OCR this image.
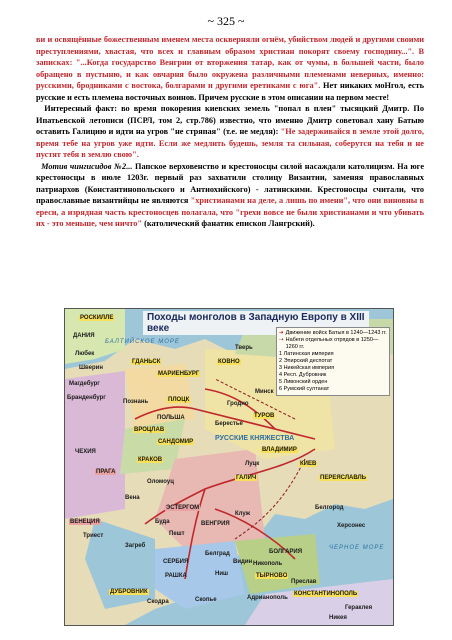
~ 325 ~

ви и освящённые божественным именем места оскверняли огнём, убийством людей и другими своими преступлениями, хвастая, что всех и главным образом христиан покорят своему господину...". В записках: "...Когда государство Венгрии от вторжения татар, как от чумы, в большей части, было обращено в пустыню, и как овчарня было окружена различными племенами неверных, именно: русскими, бродниками с востока, болгарами и другими еретиками с юга". Нет никаких моНгол, есть русские и есть племена восточных воинов. Причем русские в этом описании на первом месте!

Интересный факт: во время покорения киевских земель "попал в плен" тысяцкий Дмитр. По Ипатьевской летописи (ПСРЛ, том 2, стр.786) известно, что именно Дмитр советовал хану Батыю оставить Галицию и идти на угров "не стряпая" (т.е. не медля): "Не задерживайся в земле этой долго, время тебе на угров уже идти. Если же медлить будешь, земля та сильная, соберутся на тебя и не пустят тебя в землю свою".

Мотив чингисидов №2... Папское верховенство и крестоносцы силой насаждали католицизм. На юге крестоносцы в июле 1203г. первый раз захватили столицу Византии, заменяя православных патриархов (Константинопольского и Антиохийского) - латинскими. Крестоносцы считали, что православные византийцы не являются "христианами на деле, а лишь по имени", что они виновны в ереси, а изрядная часть крестоносцев полагала, что "грехи вовсе не были христианами и что убивать их - это меньше, чем ничто" (католический фанатик епископ Лангрский).

Походы монголов в Западную Европу в XIII веке	➜ Движение войск Батыя в 1240—1243 гг.
⇢ Набеги отдельных отрядов в 1250—1260 гг.
1 Латинская империя
2 Эпирский деспотат
3 Никейская империя
4 Респ. Дубровник
5 Ливонский орден
6 Румский султанат
РОСКИЛЛЕ
ДАНИЯ
Любек
Шверин
Магдебург
Бранденбург
ГДАНЬСК
МАРИЕНБУРГ
КОВНО
Тверь
БАЛТИЙСКОЕ МОРЕ
Познань	ПЛОЦК
ПОЛЬША
ВРОЦЛАВ
САНДОМИР
Минск
Гродно
ТУРОВ
Берестье
КРАКОВ
ПРАГА
ЧЕХИЯ	ВЛАДИМИР
Луцк	КИЕВ
ПЕРЕЯСЛАВЛЬ
РУССКИЕ КНЯЖЕСТВА
ГАЛИЧ
Оломоуц
Вена
ЭСТЕРГОМ
Буда
Пешт
ВЕНГРИЯ
ВЕНЕЦИЯ
Триест
Загреб
Клуж
Белгород
Херсонес
ЧЕРНОЕ МОРЕ
СЕРБИЯ
РАШКА
Белград
Видин
Ниш
Никополь
ТЫРНОВО
БОЛГАРИЯ
Преслав
ДУБРОВНИК
Скодра	Скопье	Адрианополь
КОНСТАНТИНОПОЛЬ
Гераклея
Никея
